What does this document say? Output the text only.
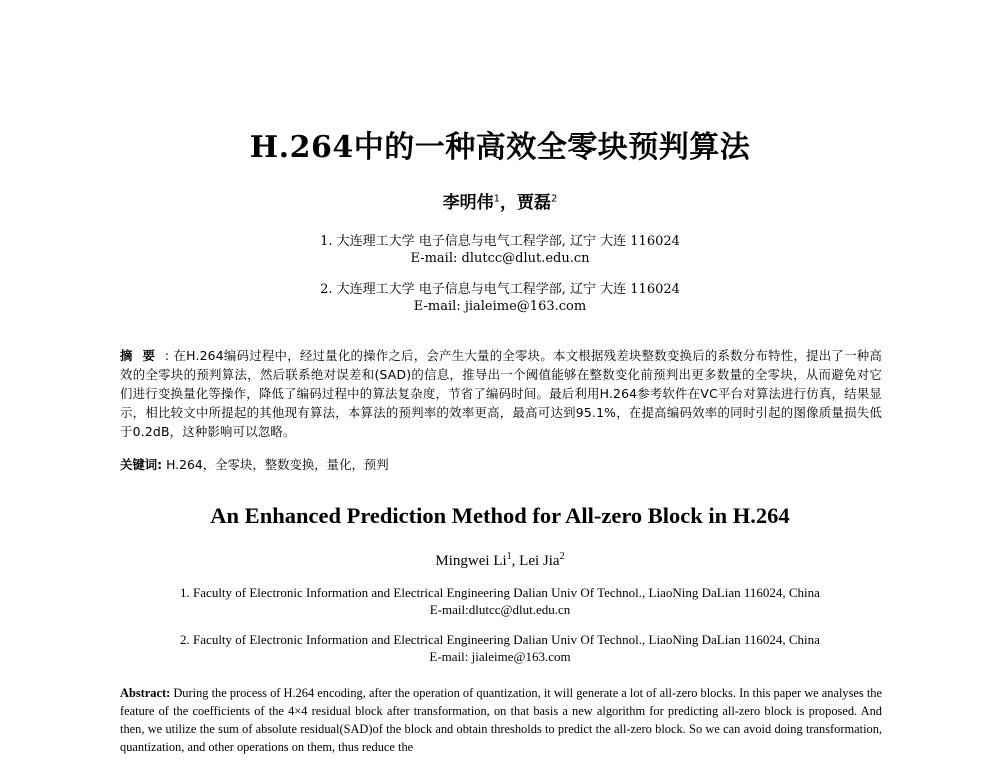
H.264中的一种高效全零块预判算法
李明伟$^1$，贾磊$^2$
1. 大连理工大学 电子信息与电气工程学部, 辽宁 大连 116024
E-mail: dlutcc@dlut.edu.cn
2. 大连理工大学 电子信息与电气工程学部, 辽宁 大连 116024
E-mail: jialeime@163.com
摘要: 在H.264编码过程中，经过量化的操作之后，会产生大量的全零块。本文根据残差块整数变换后的系数分布特性，提出了一种高效的全零块的预判算法，然后联系绝对误差和(SAD)的信息，推导出一个阈值能够在整数变化前预判出更多数量的全零块，从而避免对它们进行变换量化等操作，降低了编码过程中的算法复杂度，节省了编码时间。最后利用H.264参考软件在VC平台对算法进行仿真，结果显示，相比较文中所提起的其他现有算法，本算法的预判率的效率更高，最高可达到95.1%，在提高编码效率的同时引起的图像质量损失低于0.2dB，这种影响可以忽略。
关键词: H.264，全零块，整数变换，量化，预判
An Enhanced Prediction Method for All-zero Block in H.264
Mingwei Li$^1$, Lei Jia$^2$
1. Faculty of Electronic Information and Electrical Engineering Dalian Univ Of Technol., LiaoNing DaLian 116024, China
E-mail:dlutcc@dlut.edu.cn
2. Faculty of Electronic Information and Electrical Engineering Dalian Univ Of Technol., LiaoNing DaLian 116024, China
E-mail: jialeime@163.com
Abstract: During the process of H.264 encoding, after the operation of quantization, it will generate a lot of all-zero blocks. In this paper we analyses the feature of the coefficients of the 4×4 residual block after transformation, on that basis a new algorithm for predicting all-zero block is proposed. And then, we utilize the sum of absolute residual(SAD)of the block and obtain thresholds to predict the all-zero block. So we can avoid doing transformation, quantization, and other operations on them, thus reduce the
